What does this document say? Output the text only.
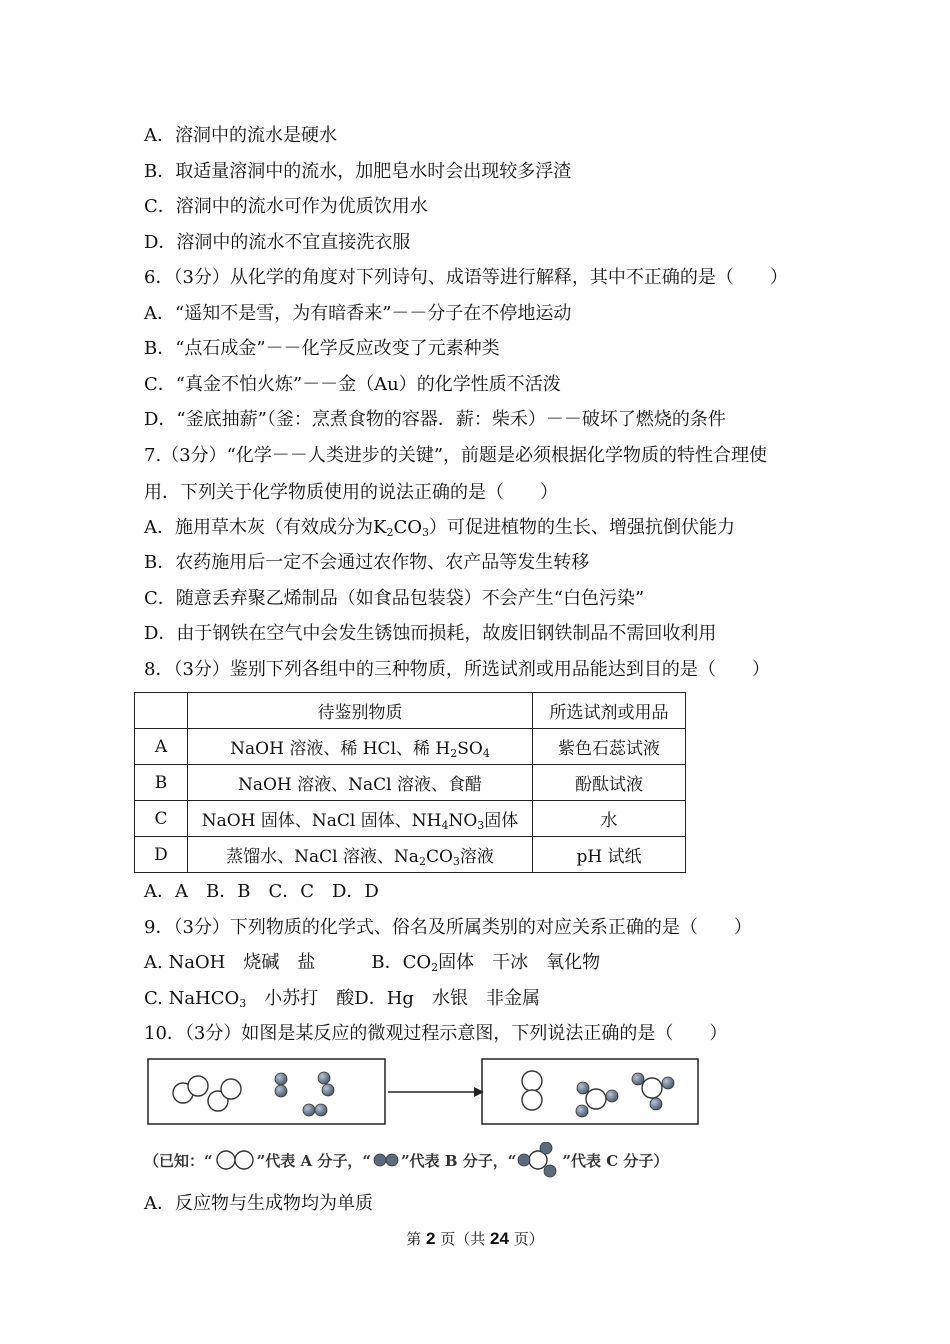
A．溶洞中的流水是硬水
B．取适量溶洞中的流水，加肥皂水时会出现较多浮渣
C．溶洞中的流水可作为优质饮用水
D．溶洞中的流水不宜直接洗衣服
6．（3分）从化学的角度对下列诗句、成语等进行解释，其中不正确的是（　　）
A．“遥知不是雪，为有暗香来”－－分子在不停地运动
B．“点石成金”－－化学反应改变了元素种类
C．“真金不怕火炼”－－金（Au）的化学性质不活泼
D．“釜底抽薪”（釜：烹煮食物的容器．薪：柴禾）－－破坏了燃烧的条件
7.（3分）“化学－－人类进步的关键”，前题是必须根据化学物质的特性合理使
用．下列关于化学物质使用的说法正确的是（　　）
A．施用草木灰（有效成分为$K_2CO_3$）可促进植物的生长、增强抗倒伏能力
B．农药施用后一定不会通过农作物、农产品等发生转移
C．随意丢弃聚乙烯制品（如食品包装袋）不会产生“白色污染”
D．由于钢铁在空气中会发生锈蚀而损耗，故废旧钢铁制品不需回收利用
8．（3分）鉴别下列各组中的三种物质，所选试剂或用品能达到目的是（　　）
	待鉴别物质	所选试剂或用品
A	NaOH 溶液、稀 HCl、稀 $H_2SO_4$	紫色石蕊试液
B	NaOH 溶液、NaCl 溶液、食醋	酚酞试液
C	NaOH 固体、NaCl 固体、$NH_4NO_3$固体	水
D	蒸馏水、NaCl 溶液、$Na_2CO_3$溶液	pH 试纸
A．A　B．B　C．C　D．D
9．（3分）下列物质的化学式、俗名及所属类别的对应关系正确的是（　　）
A. NaOH　烧碱　盐	B．$CO_2$固体　干冰　氧化物
C. NaHCO$_3$　小苏打　酸D．Hg　水银　非金属
10．（3分）如图是某反应的微观过程示意图，下列说法正确的是（　　）
（已知：“	”代表 A 分子，“ ”代表 B 分子，“	”代表 C 分子）
A．反应物与生成物均为单质
第 2 页（共 24 页）
